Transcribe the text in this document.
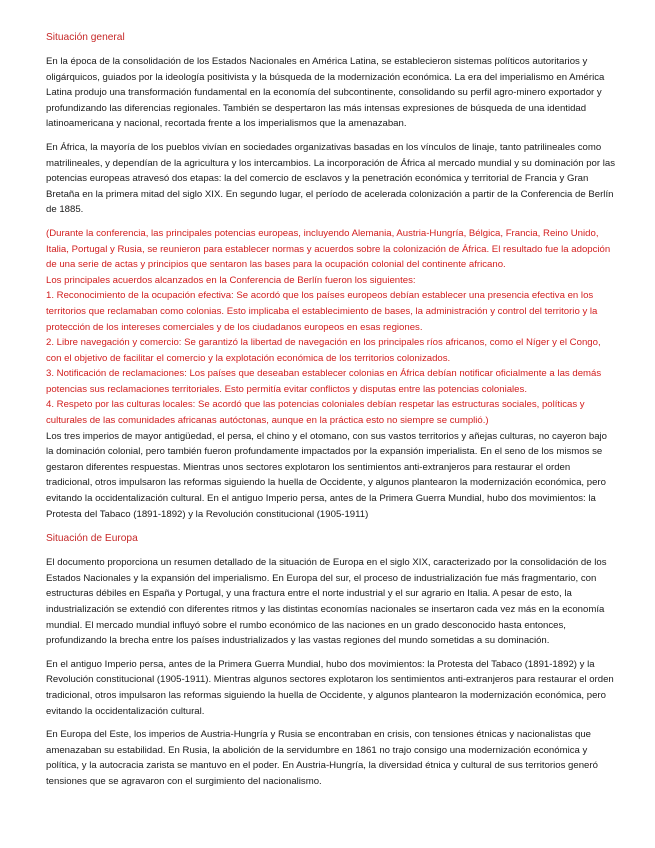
Situación general

En la época de la consolidación de los Estados Nacionales en América Latina, se establecieron sistemas políticos autoritarios y oligárquicos, guiados por la ideología positivista y la búsqueda de la modernización económica. La era del imperialismo en América Latina produjo una transformación fundamental en la economía del subcontinente, consolidando su perfil agro-minero exportador y profundizando las diferencias regionales. También se despertaron las más intensas expresiones de búsqueda de una identidad latinoamericana y nacional, recortada frente a los imperialismos que la amenazaban.

En África, la mayoría de los pueblos vivían en sociedades organizativas basadas en los vínculos de linaje, tanto patrilineales como matrilineales, y dependían de la agricultura y los intercambios. La incorporación de África al mercado mundial y su dominación por las potencias europeas atravesó dos etapas: la del comercio de esclavos y la penetración económica y territorial de Francia y Gran Bretaña en la primera mitad del siglo XIX. En segundo lugar, el período de acelerada colonización a partir de la Conferencia de Berlín de 1885.

(Durante la conferencia, las principales potencias europeas, incluyendo Alemania, Austria-Hungría, Bélgica, Francia, Reino Unido, Italia, Portugal y Rusia, se reunieron para establecer normas y acuerdos sobre la colonización de África. El resultado fue la adopción de una serie de actas y principios que sentaron las bases para la ocupación colonial del continente africano.

Los principales acuerdos alcanzados en la Conferencia de Berlín fueron los siguientes:

1. Reconocimiento de la ocupación efectiva: Se acordó que los países europeos debían establecer una presencia efectiva en los territorios que reclamaban como colonias. Esto implicaba el establecimiento de bases, la administración y control del territorio y la protección de los intereses comerciales y de los ciudadanos europeos en esas regiones.

2. Libre navegación y comercio: Se garantizó la libertad de navegación en los principales ríos africanos, como el Níger y el Congo, con el objetivo de facilitar el comercio y la explotación económica de los territorios colonizados.

3. Notificación de reclamaciones: Los países que deseaban establecer colonias en África debían notificar oficialmente a las demás potencias sus reclamaciones territoriales. Esto permitía evitar conflictos y disputas entre las potencias coloniales.

4. Respeto por las culturas locales: Se acordó que las potencias coloniales debían respetar las estructuras sociales, políticas y culturales de las comunidades africanas autóctonas, aunque en la práctica esto no siempre se cumplió.)

Los tres imperios de mayor antigüedad, el persa, el chino y el otomano, con sus vastos territorios y añejas culturas, no cayeron bajo la dominación colonial, pero también fueron profundamente impactados por la expansión imperialista. En el seno de los mismos se gestaron diferentes respuestas. Mientras unos sectores explotaron los sentimientos anti-extranjeros para restaurar el orden tradicional, otros impulsaron las reformas siguiendo la huella de Occidente, y algunos plantearon la modernización económica, pero evitando la occidentalización cultural. En el antiguo Imperio persa, antes de la Primera Guerra Mundial, hubo dos movimientos: la Protesta del Tabaco (1891-1892) y la Revolución constitucional (1905-1911)

Situación de Europa

El documento proporciona un resumen detallado de la situación de Europa en el siglo XIX, caracterizado por la consolidación de los Estados Nacionales y la expansión del imperialismo. En Europa del sur, el proceso de industrialización fue más fragmentario, con estructuras débiles en España y Portugal, y una fractura entre el norte industrial y el sur agrario en Italia. A pesar de esto, la industrialización se extendió con diferentes ritmos y las distintas economías nacionales se insertaron cada vez más en la economía mundial. El mercado mundial influyó sobre el rumbo económico de las naciones en un grado desconocido hasta entonces, profundizando la brecha entre los países industrializados y las vastas regiones del mundo sometidas a su dominación.

En el antiguo Imperio persa, antes de la Primera Guerra Mundial, hubo dos movimientos: la Protesta del Tabaco (1891-1892) y la Revolución constitucional (1905-1911). Mientras algunos sectores explotaron los sentimientos anti-extranjeros para restaurar el orden tradicional, otros impulsaron las reformas siguiendo la huella de Occidente, y algunos plantearon la modernización económica, pero evitando la occidentalización cultural.

En Europa del Este, los imperios de Austria-Hungría y Rusia se encontraban en crisis, con tensiones étnicas y nacionalistas que amenazaban su estabilidad. En Rusia, la abolición de la servidumbre en 1861 no trajo consigo una modernización económica y política, y la autocracia zarista se mantuvo en el poder. En Austria-Hungría, la diversidad étnica y cultural de sus territorios generó tensiones que se agravaron con el surgimiento del nacionalismo.
